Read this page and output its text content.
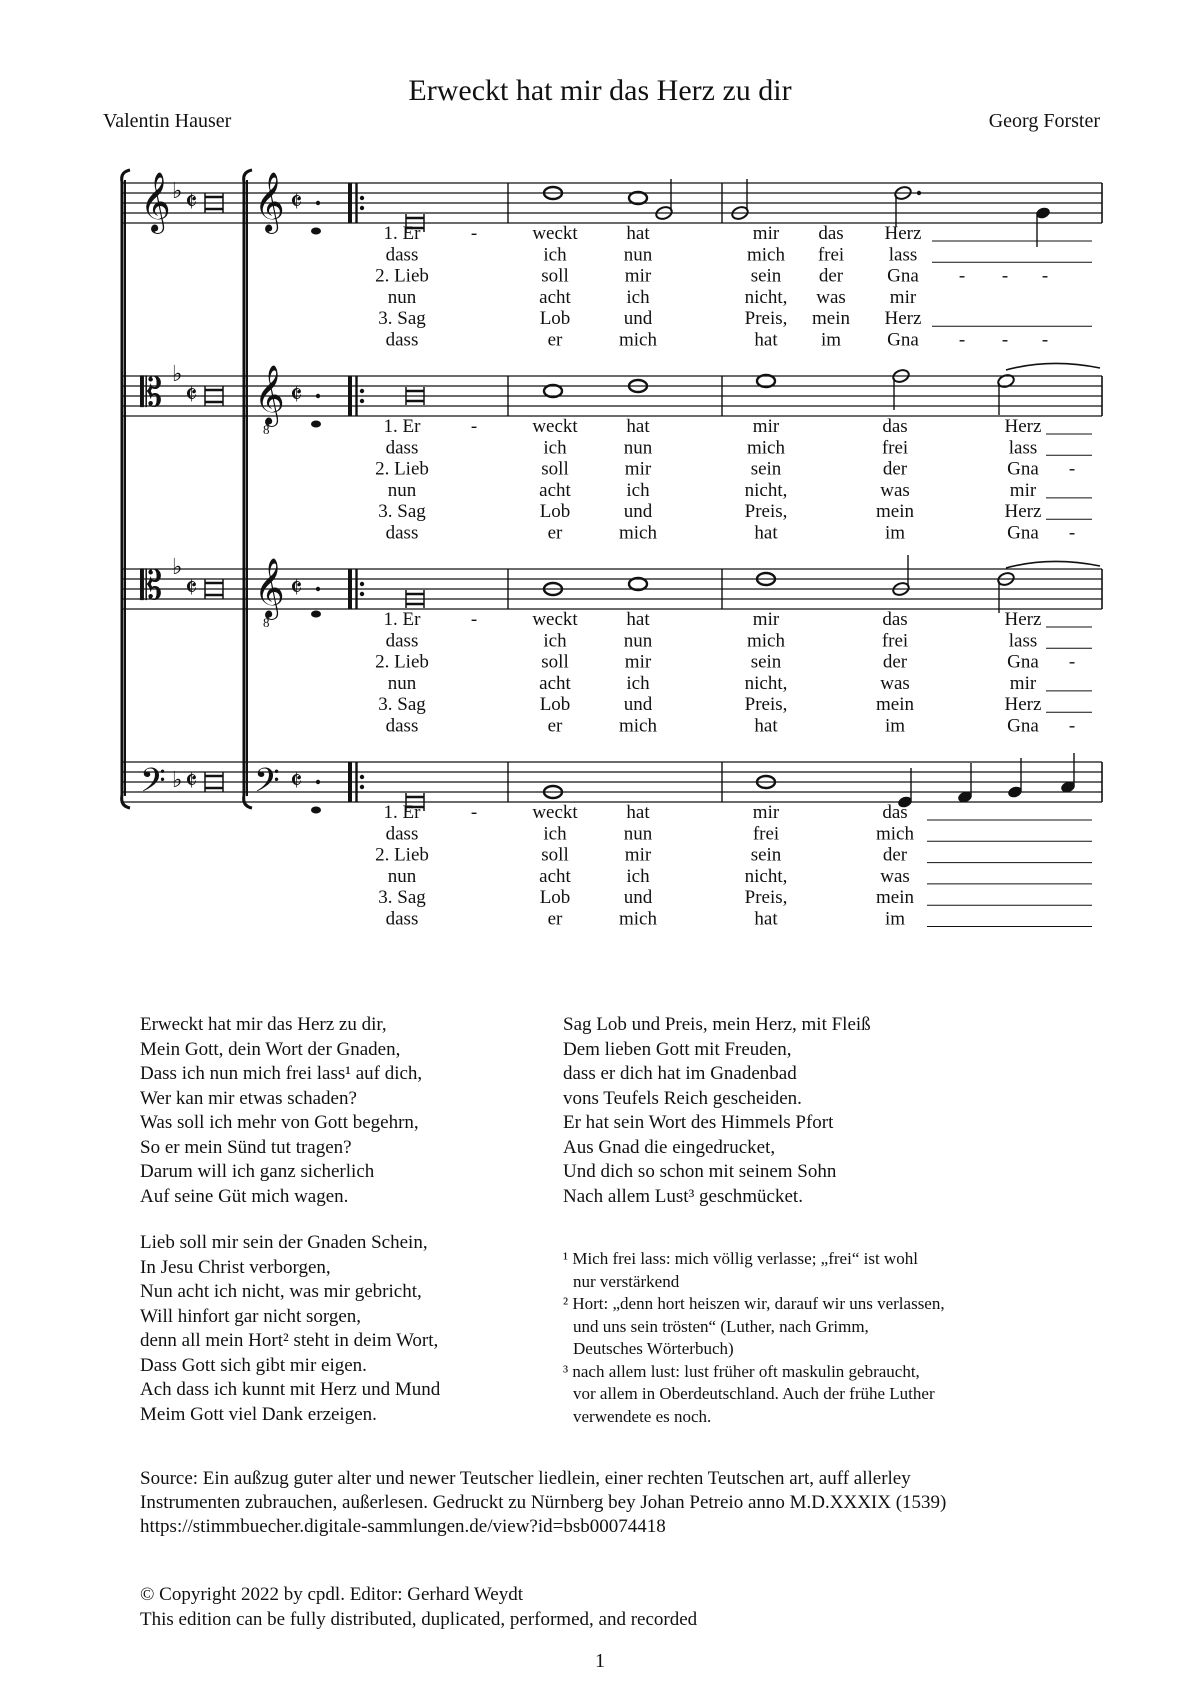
Erweckt hat mir das Herz zu dir
Valentin Hauser	Georg Forster
𝄞 𝄞
♭ 𝄵	𝄵
𝄡 𝄞
♭
𝄵	𝄵
8
𝄡 𝄞
♭
𝄵	𝄵
8
𝄢 𝄢
♭ 𝄵	𝄵
1. Er	-	weckt	hat	mir das Herz
dass	ich	nun	mich frei lass
2. Lieb	soll	mir	sein der Gna - - -
nun	acht	ich	nicht, was mir
3. Sag	Lob	und	Preis, mein Herz
dass	er	mich	hat im Gna - - -
1. Er	-	weckt	hat	mir	das	Herz
dass	ich	nun	mich	frei	lass
2. Lieb	soll	mir	sein	der	Gna -
nun	acht	ich	nicht,	was	mir
3. Sag	Lob	und	Preis,	mein	Herz
dass	er	mich	hat	im	Gna -
1. Er	-	weckt	hat	mir	das	Herz
dass	ich	nun	mich	frei	lass
2. Lieb	soll	mir	sein	der	Gna -
nun	acht	ich	nicht,	was	mir
3. Sag	Lob	und	Preis,	mein	Herz
dass	er	mich	hat	im	Gna -
1. Er	-	weckt	hat	mir	das
dass	ich	nun	frei	mich
2. Lieb	soll	mir	sein	der
nun	acht	ich	nicht,	was
3. Sag	Lob	und	Preis,	mein
dass	er	mich	hat	im
Erweckt hat mir das Herz zu dir,
Mein Gott, dein Wort der Gnaden,
Dass ich nun mich frei lass¹ auf dich,
Wer kan mir etwas schaden?
Was soll ich mehr von Gott begehrn,
So er mein Sünd tut tragen?
Darum will ich ganz sicherlich
Auf seine Güt mich wagen.
Lieb soll mir sein der Gnaden Schein,
In Jesu Christ verborgen,
Nun acht ich nicht, was mir gebricht,
Will hinfort gar nicht sorgen,
denn all mein Hort² steht in deim Wort,
Dass Gott sich gibt mir eigen.
Ach dass ich kunnt mit Herz und Mund
Meim Gott viel Dank erzeigen.
Sag Lob und Preis, mein Herz, mit Fleiß
Dem lieben Gott mit Freuden,
dass er dich hat im Gnadenbad
vons Teufels Reich gescheiden.
Er hat sein Wort des Himmels Pfort
Aus Gnad die eingedrucket,
Und dich so schon mit seinem Sohn
Nach allem Lust³ geschmücket.
¹ Mich frei lass: mich völlig verlasse; „frei“ ist wohl
nur verstärkend
² Hort: „denn hort heiszen wir, darauf wir uns verlassen,
und uns sein trösten“ (Luther, nach Grimm,
Deutsches Wörterbuch)
³ nach allem lust: lust früher oft maskulin gebraucht,
vor allem in Oberdeutschland. Auch der frühe Luther
verwendete es noch.
Source: Ein außzug guter alter und newer Teutscher liedlein, einer rechten Teutschen art, auff allerley
Instrumenten zubrauchen, außerlesen. Gedruckt zu Nürnberg bey Johan Petreio anno M.D.XXXIX (1539)
https://stimmbuecher.digitale-sammlungen.de/view?id=bsb00074418
© Copyright 2022 by cpdl. Editor: Gerhard Weydt
This edition can be fully distributed, duplicated, performed, and recorded
1
